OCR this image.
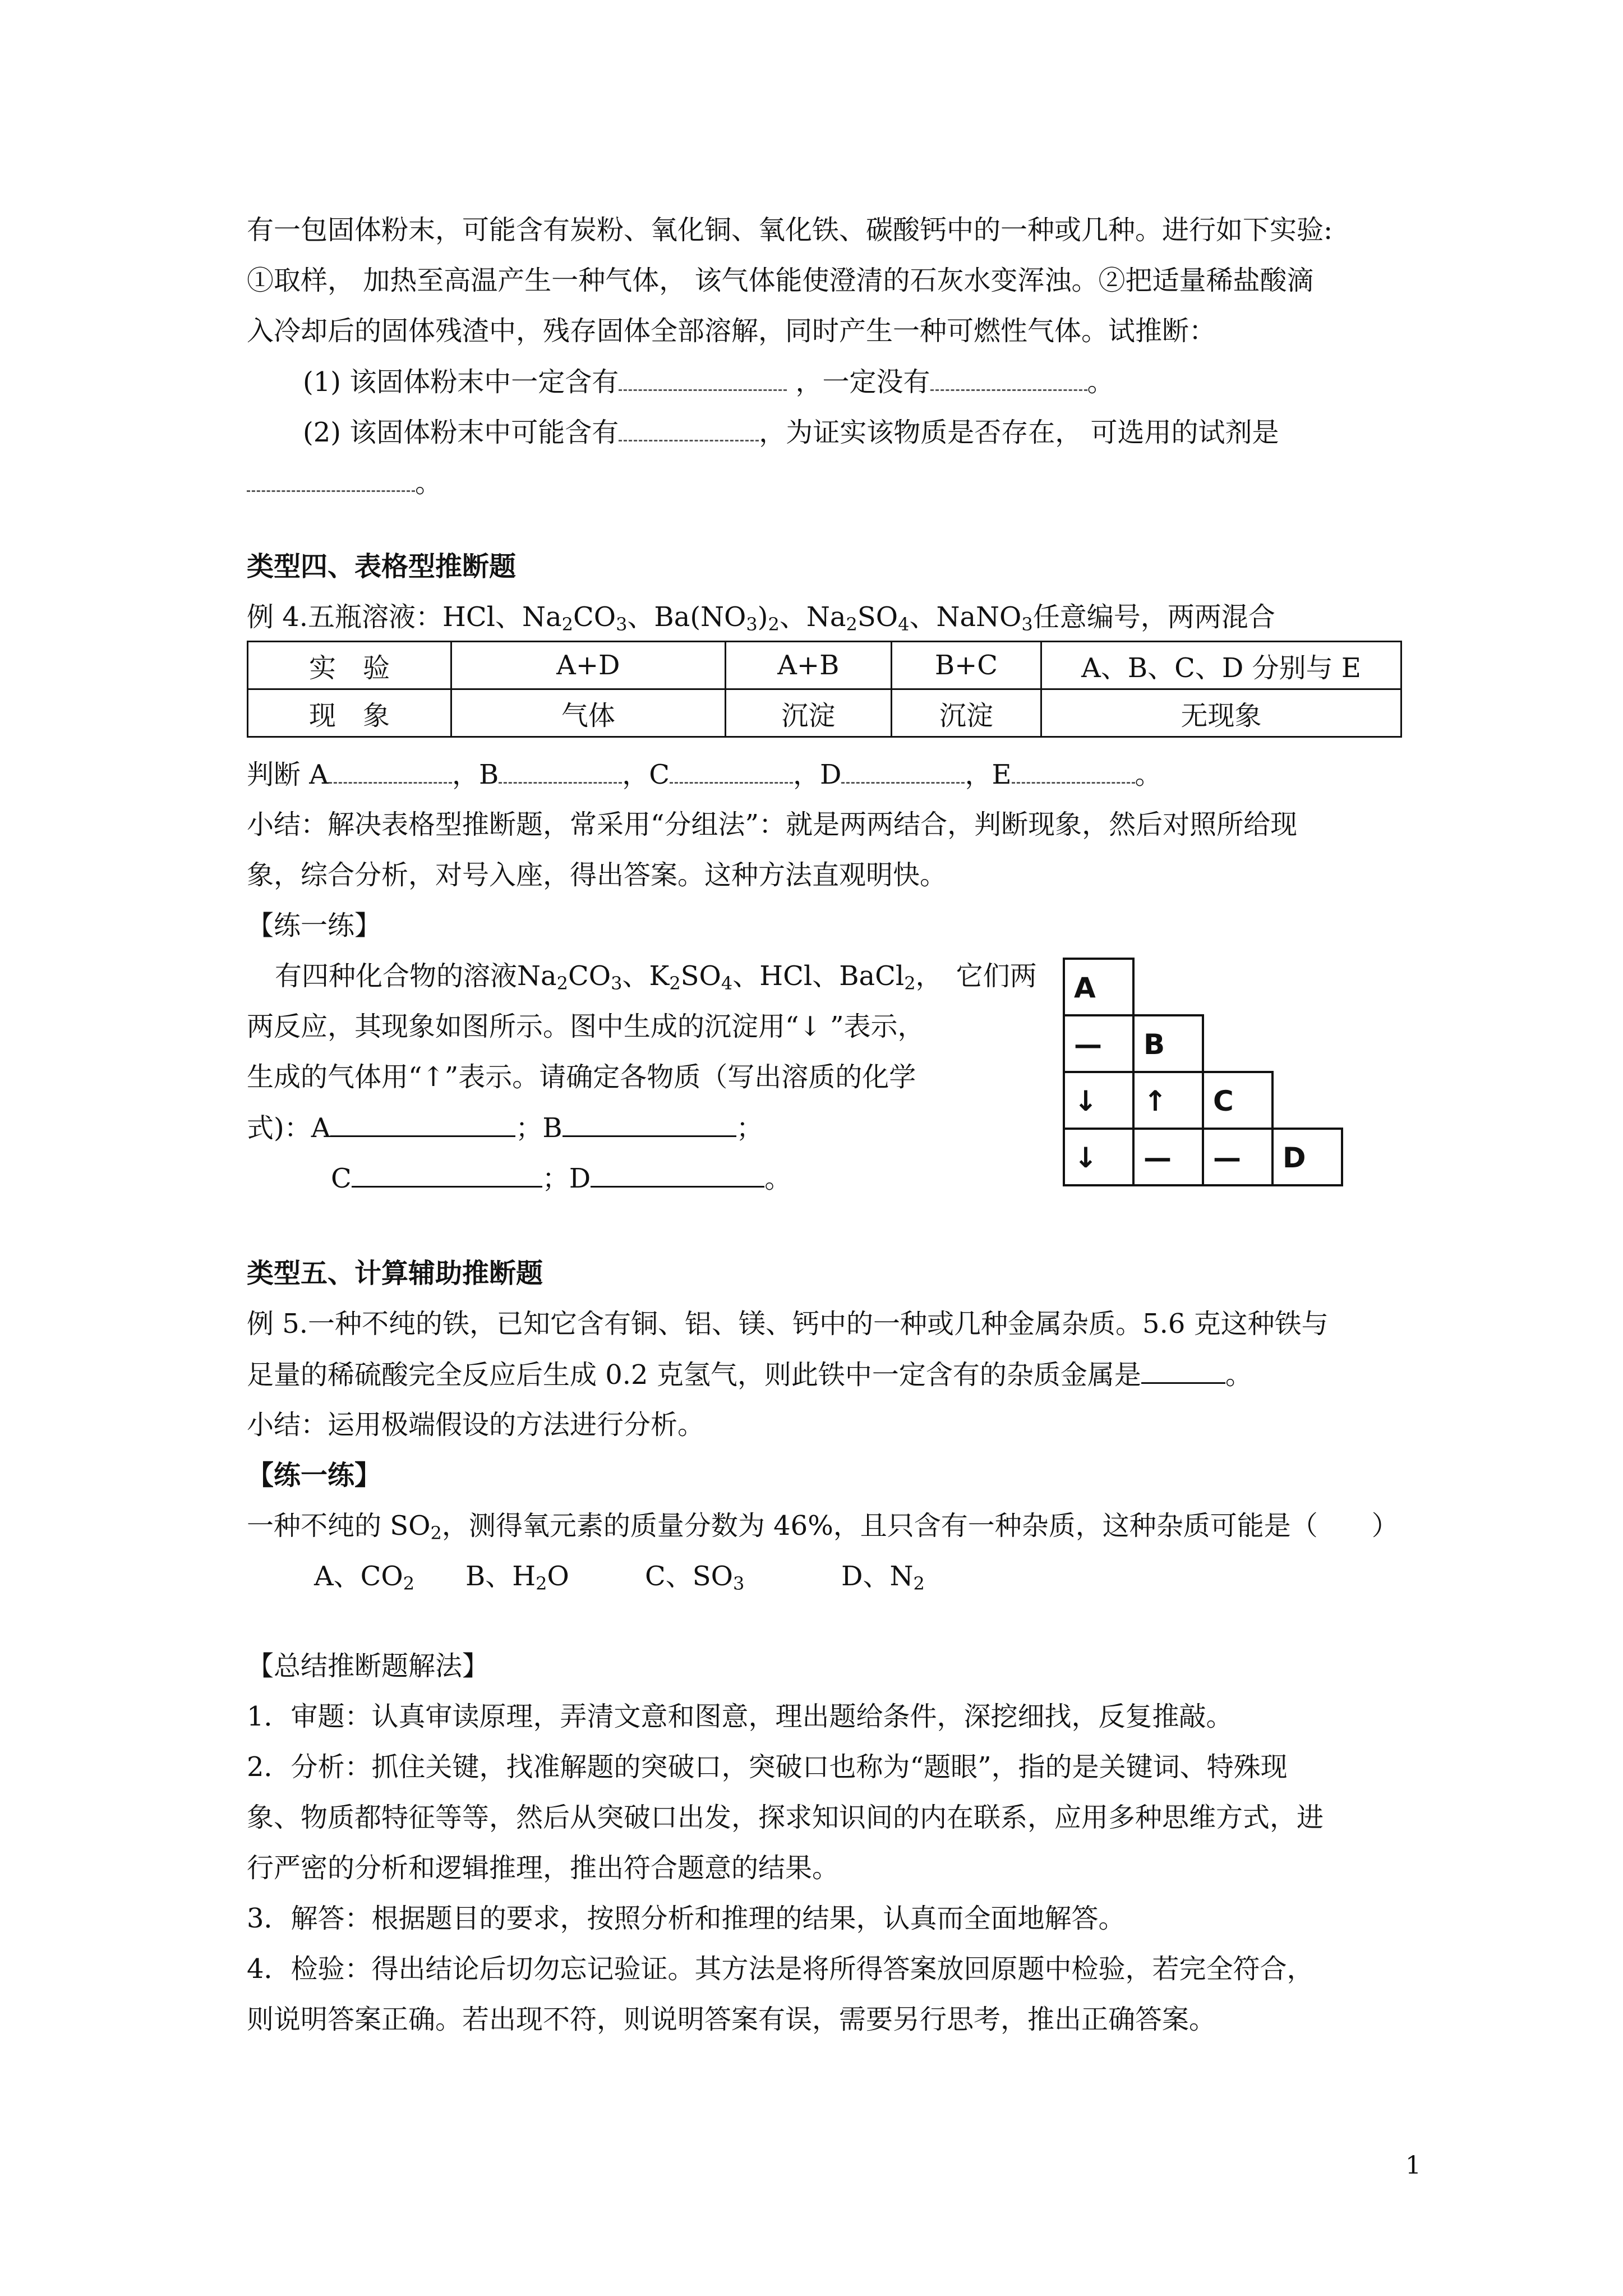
有一包固体粉末，可能含有炭粉、氧化铜、氧化铁、碳酸钙中的一种或几种。进行如下实验:
①取样， 加热至高温产生一种气体， 该气体能使澄清的石灰水变浑浊。②把适量稀盐酸滴
入冷却后的固体残渣中，残存固体全部溶解，同时产生一种可燃性气体。试推断：
(1) 该固体粉末中一定含有	，一定没有	。
(2) 该固体粉末中可能含有	，为证实该物质是否存在， 可选用的试剂是
。
类型四、表格型推断题
例 4.五瓶溶液：HCl、$Na_2CO_3$、$Ba(NO_3)_2$、$Na_2SO_4$、NaNO$_3$任意编号，两两混合
实　验	A+D	A+B	B+C	A、B、C、D 分别与 E
现　象	气体	沉淀	沉淀	无现象
判断 A	，B	，C	，D	，E	。
小结：解决表格型推断题，常采用“分组法”：就是两两结合，判断现象，然后对照所给现
象，综合分析，对号入座，得出答案。这种方法直观明快。
【练一练】
有四种化合物的溶液$Na_2CO_3$、$K_2SO_4$、HCl、BaCl$_2$，　 它们两
两反应，其现象如图所示。图中生成的沉淀用“↓ ”表示，
生成的气体用“↑”表示。请确定各物质（写出溶质的化学
式)：A	；B	；
C	；D	。
A
—	B
↓	↑	C
↓	—	—	D
类型五、计算辅助推断题
例 5.一种不纯的铁，已知它含有铜、铝、镁、钙中的一种或几种金属杂质。5.6 克这种铁与
足量的稀硫酸完全反应后生成 0.2 克氢气，则此铁中一定含有的杂质金属是	。
小结：运用极端假设的方法进行分析。
【练一练】
一种不纯的 $SO_2$，测得氧元素的质量分数为 46%，且只含有一种杂质，这种杂质可能是（　　）
A、$CO_2$ B、$H_2O$	C、$SO_3$	D、$N_2$
【总结推断题解法】
1．审题：认真审读原理，弄清文意和图意，理出题给条件，深挖细找，反复推敲。
2．分析：抓住关键，找准解题的突破口，突破口也称为“题眼”，指的是关键词、特殊现
象、物质都特征等等，然后从突破口出发，探求知识间的内在联系，应用多种思维方式，进
行严密的分析和逻辑推理，推出符合题意的结果。
3．解答：根据题目的要求，按照分析和推理的结果，认真而全面地解答。
4．检验：得出结论后切勿忘记验证。其方法是将所得答案放回原题中检验，若完全符合，
则说明答案正确。若出现不符，则说明答案有误，需要另行思考，推出正确答案。
1
